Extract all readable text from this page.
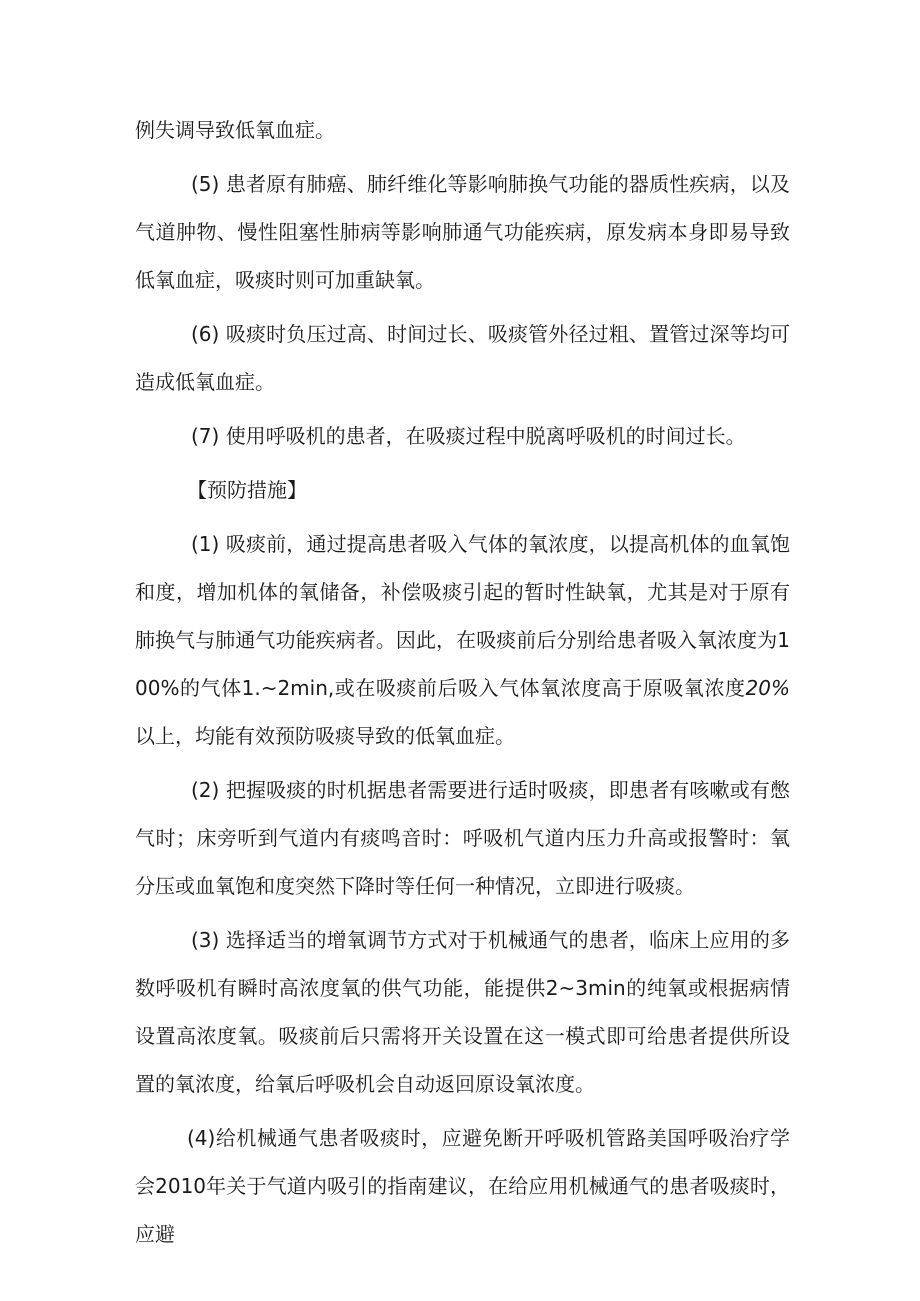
例失调导致低氧血症。

(5) 患者原有肺癌、肺纤维化等影响肺换气功能的器质性疾病，以及气道肿物、慢性阻塞性肺病等影响肺通气功能疾病，原发病本身即易导致低氧血症，吸痰时则可加重缺氧。

(6) 吸痰时负压过高、时间过长、吸痰管外径过粗、置管过深等均可造成低氧血症。

(7) 使用呼吸机的患者，在吸痰过程中脱离呼吸机的时间过长。

【预防措施】

(1) 吸痰前，通过提高患者吸入气体的氧浓度，以提高机体的血氧饱和度，增加机体的氧储备，补偿吸痰引起的暂时性缺氧，尤其是对于原有肺换气与肺通气功能疾病者。因此，在吸痰前后分别给患者吸入氧浓度为100%的气体1.~2min,或在吸痰前后吸入气体氧浓度高于原吸氧浓度20%以上，均能有效预防吸痰导致的低氧血症。

(2) 把握吸痰的时机据患者需要进行适时吸痰，即患者有咳嗽或有憋气时；床旁听到气道内有痰鸣音时：呼吸机气道内压力升高或报警时：氧分压或血氧饱和度突然下降时等任何一种情况，立即进行吸痰。

(3) 选择适当的增氧调节方式对于机械通气的患者，临床上应用的多数呼吸机有瞬时高浓度氧的供气功能，能提供2~3min的纯氧或根据病情设置高浓度氧。吸痰前后只需将开关设置在这一模式即可给患者提供所设置的氧浓度，给氧后呼吸机会自动返回原设氧浓度。

(4)给机械通气患者吸痰时，应避免断开呼吸机管路美国呼吸治疗学会2010年关于气道内吸引的指南建议，在给应用机械通气的患者吸痰时，应避
